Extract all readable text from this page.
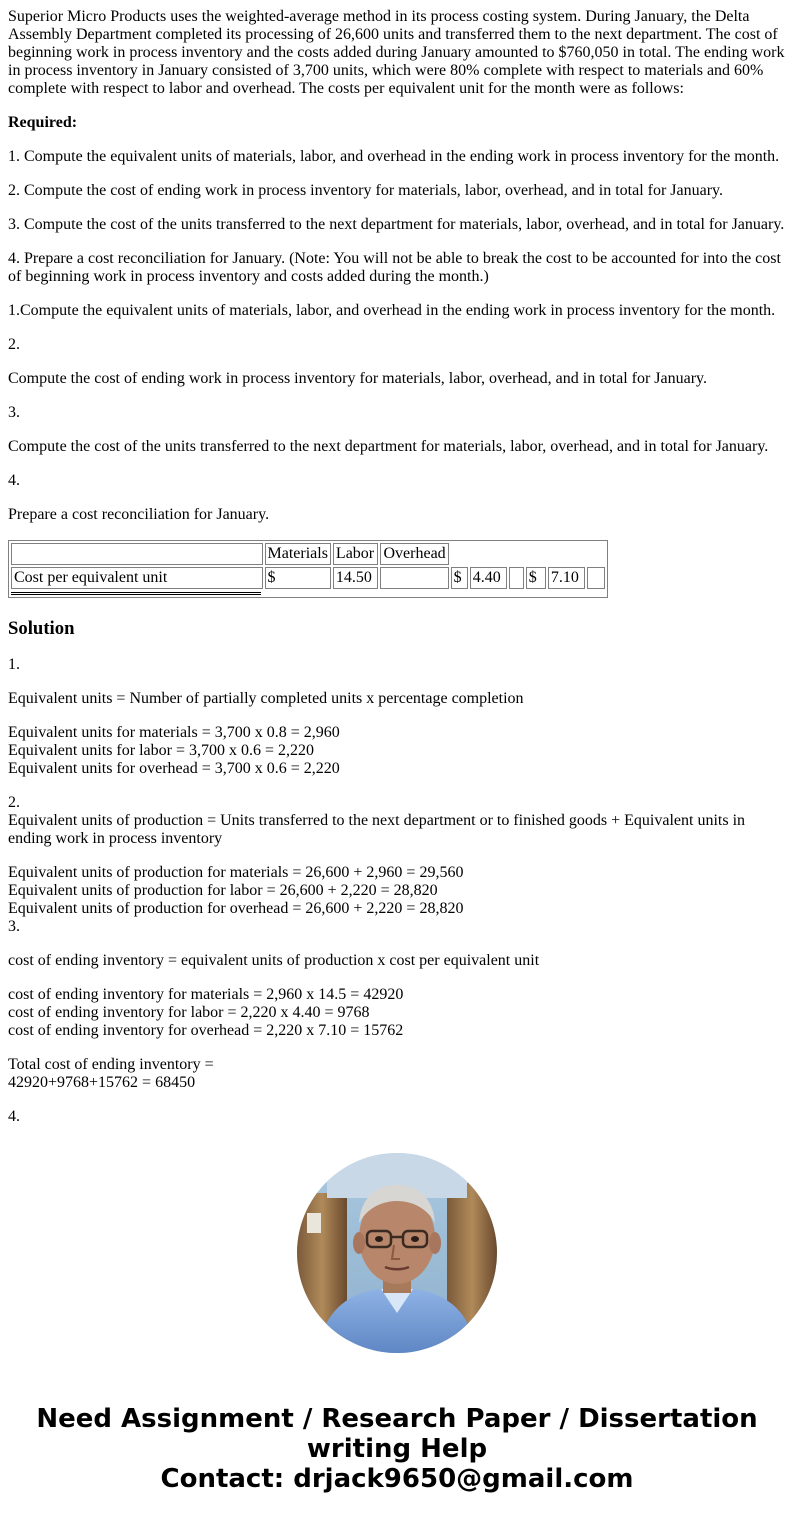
Superior Micro Products uses the weighted-average method in its process costing system. During January, the Delta Assembly Department completed its processing of 26,600 units and transferred them to the next department. The cost of beginning work in process inventory and the costs added during January amounted to $760,050 in total. The ending work in process inventory in January consisted of 3,700 units, which were 80% complete with respect to materials and 60% complete with respect to labor and overhead. The costs per equivalent unit for the month were as follows:

Required:

1. Compute the equivalent units of materials, labor, and overhead in the ending work in process inventory for the month.

2. Compute the cost of ending work in process inventory for materials, labor, overhead, and in total for January.

3. Compute the cost of the units transferred to the next department for materials, labor, overhead, and in total for January.

4. Prepare a cost reconciliation for January. (Note: You will not be able to break the cost to be accounted for into the cost of beginning work in process inventory and costs added during the month.)

1.Compute the equivalent units of materials, labor, and overhead in the ending work in process inventory for the month.

2.

Compute the cost of ending work in process inventory for materials, labor, overhead, and in total for January.

3.

Compute the cost of the units transferred to the next department for materials, labor, overhead, and in total for January.

4.

Prepare a cost reconciliation for January.

	Materials	Labor	Overhead						
Cost per equivalent unit	$	14.50		$	4.40		$	7.10	

Solution

1.

Equivalent units = Number of partially completed units x percentage completion

Equivalent units for materials = 3,700 x 0.8 = 2,960
Equivalent units for labor = 3,700 x 0.6 = 2,220
Equivalent units for overhead = 3,700 x 0.6 = 2,220
2.

Equivalent units of production = Units transferred to the next department or to finished goods + Equivalent units in ending work in process inventory

Equivalent units of production for materials = 26,600 + 2,960 = 29,560
Equivalent units of production for labor = 26,600 + 2,220 = 28,820
Equivalent units of production for overhead = 26,600 + 2,220 = 28,820

3.

cost of ending inventory = equivalent units of production x cost per equivalent unit

cost of ending inventory for materials = 2,960 x 14.5 = 42920
cost of ending inventory for labor = 2,220 x 4.40 = 9768
cost of ending inventory for overhead = 2,220 x 7.10 = 15762
Total cost of ending inventory =
42920+9768+15762 = 68450

4.

Need Assignment / Research Paper / Dissertation
writing Help
Contact: drjack9650@gmail.com
